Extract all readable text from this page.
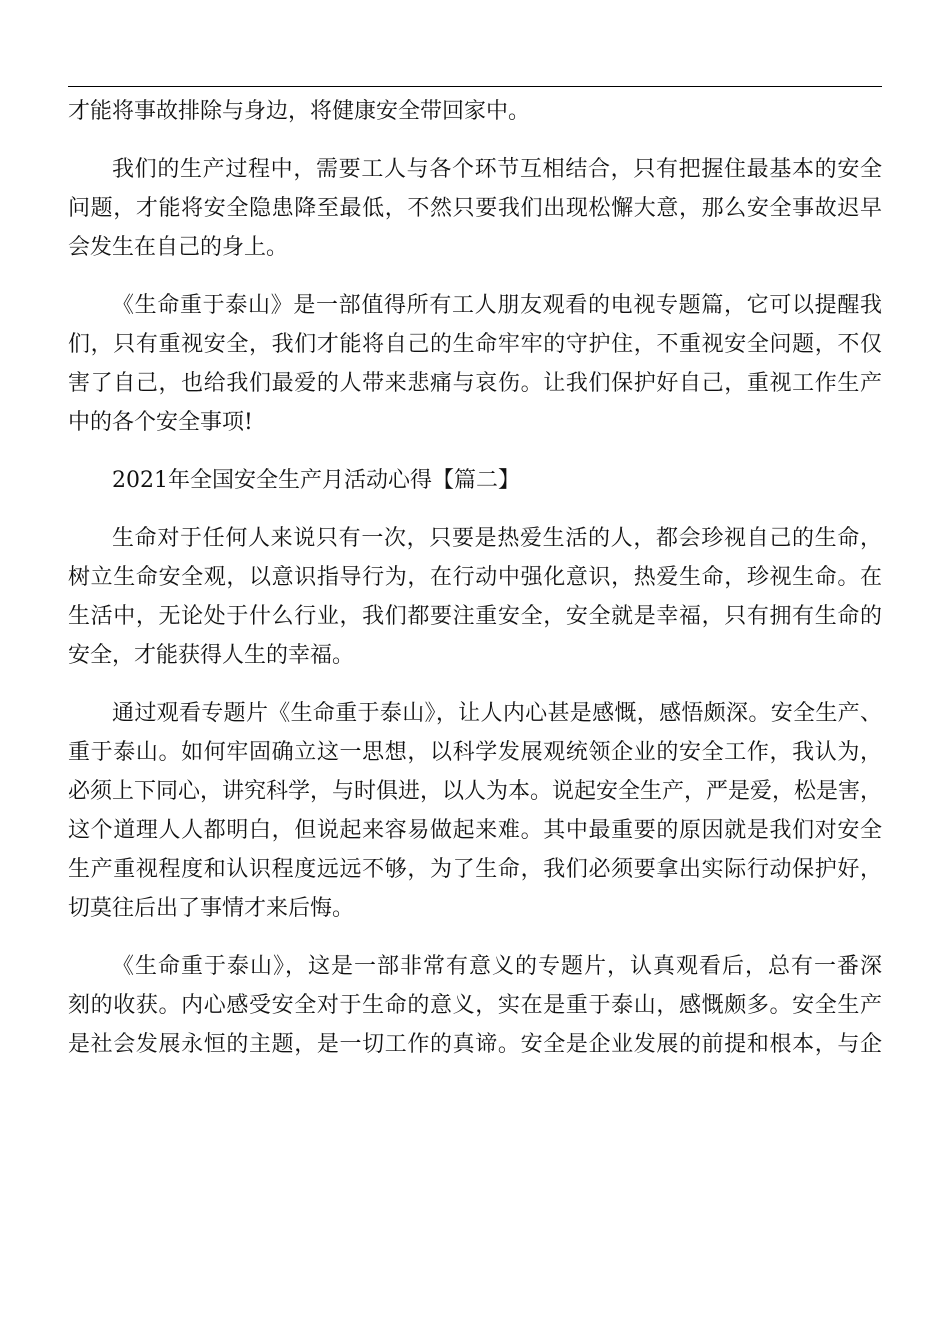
才能将事故排除与身边，将健康安全带回家中。
我们的生产过程中，需要工人与各个环节互相结合，只有把握住最基本的安全
问题，才能将安全隐患降至最低，不然只要我们出现松懈大意，那么安全事故迟早
会发生在自己的身上。
《生命重于泰山》是一部值得所有工人朋友观看的电视专题篇，它可以提醒我
们，只有重视安全，我们才能将自己的生命牢牢的守护住，不重视安全问题，不仅
害了自己，也给我们最爱的人带来悲痛与哀伤。让我们保护好自己，重视工作生产
中的各个安全事项!
2021年全国安全生产月活动心得【篇二】
生命对于任何人来说只有一次，只要是热爱生活的人，都会珍视自己的生命，
树立生命安全观，以意识指导行为，在行动中强化意识，热爱生命，珍视生命。在
生活中，无论处于什么行业，我们都要注重安全，安全就是幸福，只有拥有生命的
安全，才能获得人生的幸福。
通过观看专题片《生命重于泰山》，让人内心甚是感慨，感悟颇深。安全生产、
重于泰山。如何牢固确立这一思想，以科学发展观统领企业的安全工作，我认为，
必须上下同心，讲究科学，与时俱进，以人为本。说起安全生产，严是爱，松是害，
这个道理人人都明白，但说起来容易做起来难。其中最重要的原因就是我们对安全
生产重视程度和认识程度远远不够，为了生命，我们必须要拿出实际行动保护好，
切莫往后出了事情才来后悔。
《生命重于泰山》，这是一部非常有意义的专题片，认真观看后，总有一番深
刻的收获。内心感受安全对于生命的意义，实在是重于泰山，感慨颇多。安全生产
是社会发展永恒的主题，是一切工作的真谛。安全是企业发展的前提和根本，与企
